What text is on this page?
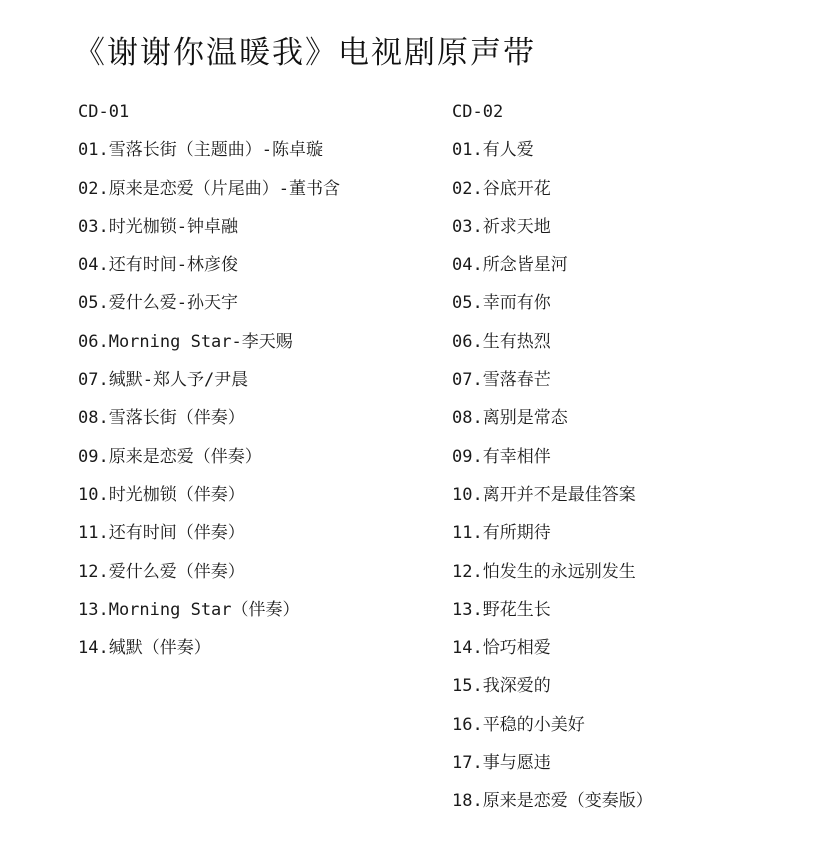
《谢谢你温暖我》电视剧原声带
CD-01
01.雪落长街（主题曲）-陈卓璇
02.原来是恋爱（片尾曲）-董书含
03.时光枷锁-钟卓融
04.还有时间-林彦俊
05.爱什么爱-孙天宇
06.Morning Star-李天赐
07.缄默-郑人予/尹晨
08.雪落长街（伴奏）
09.原来是恋爱（伴奏）
10.时光枷锁（伴奏）
11.还有时间（伴奏）
12.爱什么爱（伴奏）
13.Morning Star（伴奏）
14.缄默（伴奏）
CD-02
01.有人爱
02.谷底开花
03.祈求天地
04.所念皆星河
05.幸而有你
06.生有热烈
07.雪落春芒
08.离别是常态
09.有幸相伴
10.离开并不是最佳答案
11.有所期待
12.怕发生的永远别发生
13.野花生长
14.恰巧相爱
15.我深爱的
16.平稳的小美好
17.事与愿违
18.原来是恋爱（变奏版）
